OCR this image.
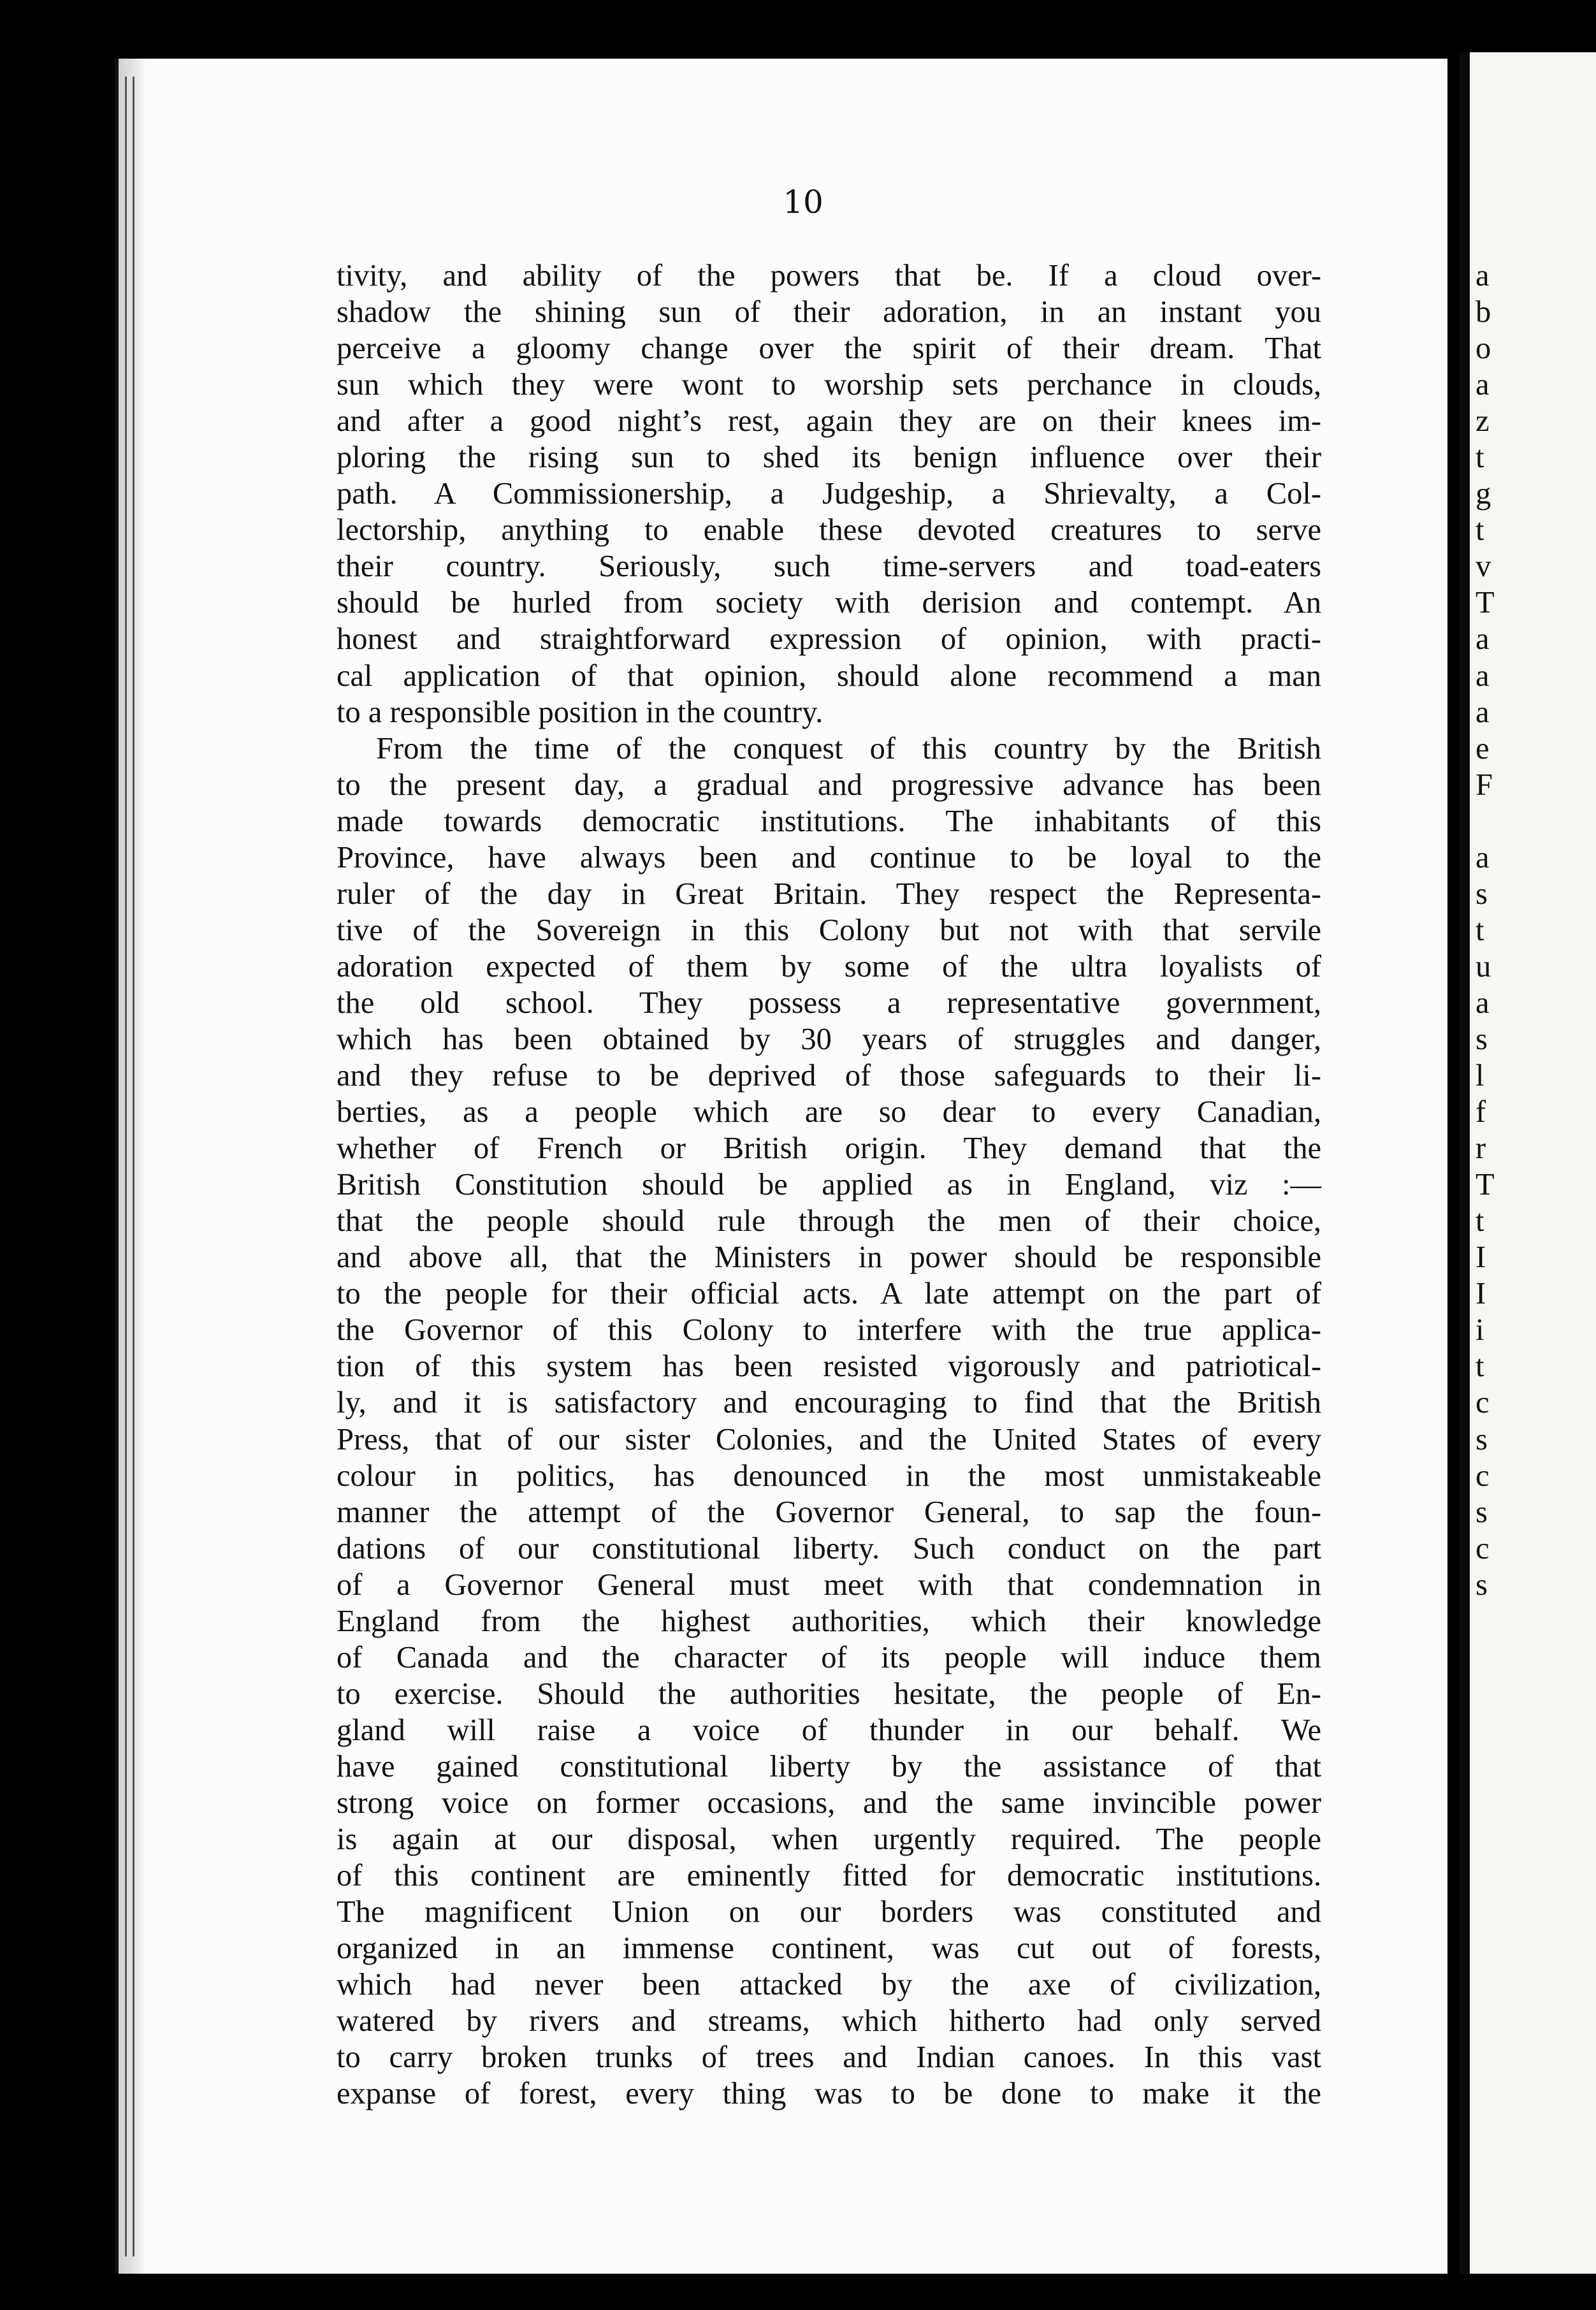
10
tivity, and ability of the powers that be. If a cloud over-
shadow the shining sun of their adoration, in an instant you
perceive a gloomy change over the spirit of their dream. That
sun which they were wont to worship sets perchance in clouds,
and after a good night’s rest, again they are on their knees im-
ploring the rising sun to shed its benign influence over their
path. A Commissionership, a Judgeship, a Shrievalty, a Col-
lectorship, anything to enable these devoted creatures to serve
their country. Seriously, such time-servers and toad-eaters
should be hurled from society with derision and contempt. An
honest and straightforward expression of opinion, with practi-
cal application of that opinion, should alone recommend a man
to a responsible position in the country.
From the time of the conquest of this country by the British
to the present day, a gradual and progressive advance has been
made towards democratic institutions. The inhabitants of this
Province, have always been and continue to be loyal to the
ruler of the day in Great Britain. They respect the Representa-
tive of the Sovereign in this Colony but not with that servile
adoration expected of them by some of the ultra loyalists of
the old school. They possess a representative government,
which has been obtained by 30 years of struggles and danger,
and they refuse to be deprived of those safeguards to their li-
berties, as a people which are so dear to every Canadian,
whether of French or British origin. They demand that the
British Constitution should be applied as in England, viz :—
that the people should rule through the men of their choice,
and above all, that the Ministers in power should be responsible
to the people for their official acts. A late attempt on the part of
the Governor of this Colony to interfere with the true applica-
tion of this system has been resisted vigorously and patriotical-
ly, and it is satisfactory and encouraging to find that the British
Press, that of our sister Colonies, and the United States of every
colour in politics, has denounced in the most unmistakeable
manner the attempt of the Governor General, to sap the foun-
dations of our constitutional liberty. Such conduct on the part
of a Governor General must meet with that condemnation in
England from the highest authorities, which their knowledge
of Canada and the character of its people will induce them
to exercise. Should the authorities hesitate, the people of En-
gland will raise a voice of thunder in our behalf. We
have gained constitutional liberty by the assistance of that
strong voice on former occasions, and the same invincible power
is again at our disposal, when urgently required. The people
of this continent are eminently fitted for democratic institutions.
The magnificent Union on our borders was constituted and
organized in an immense continent, was cut out of forests,
which had never been attacked by the axe of civilization,
watered by rivers and streams, which hitherto had only served
to carry broken trunks of trees and Indian canoes. In this vast
expanse of forest, every thing was to be done to make it the
a
b
o
a
z
t
g
t
v
T
a
a
a
e
F
a
s
t
u
a
s
l
f
r
T
t
I
I
i
t
c
s
c
s
c
s
